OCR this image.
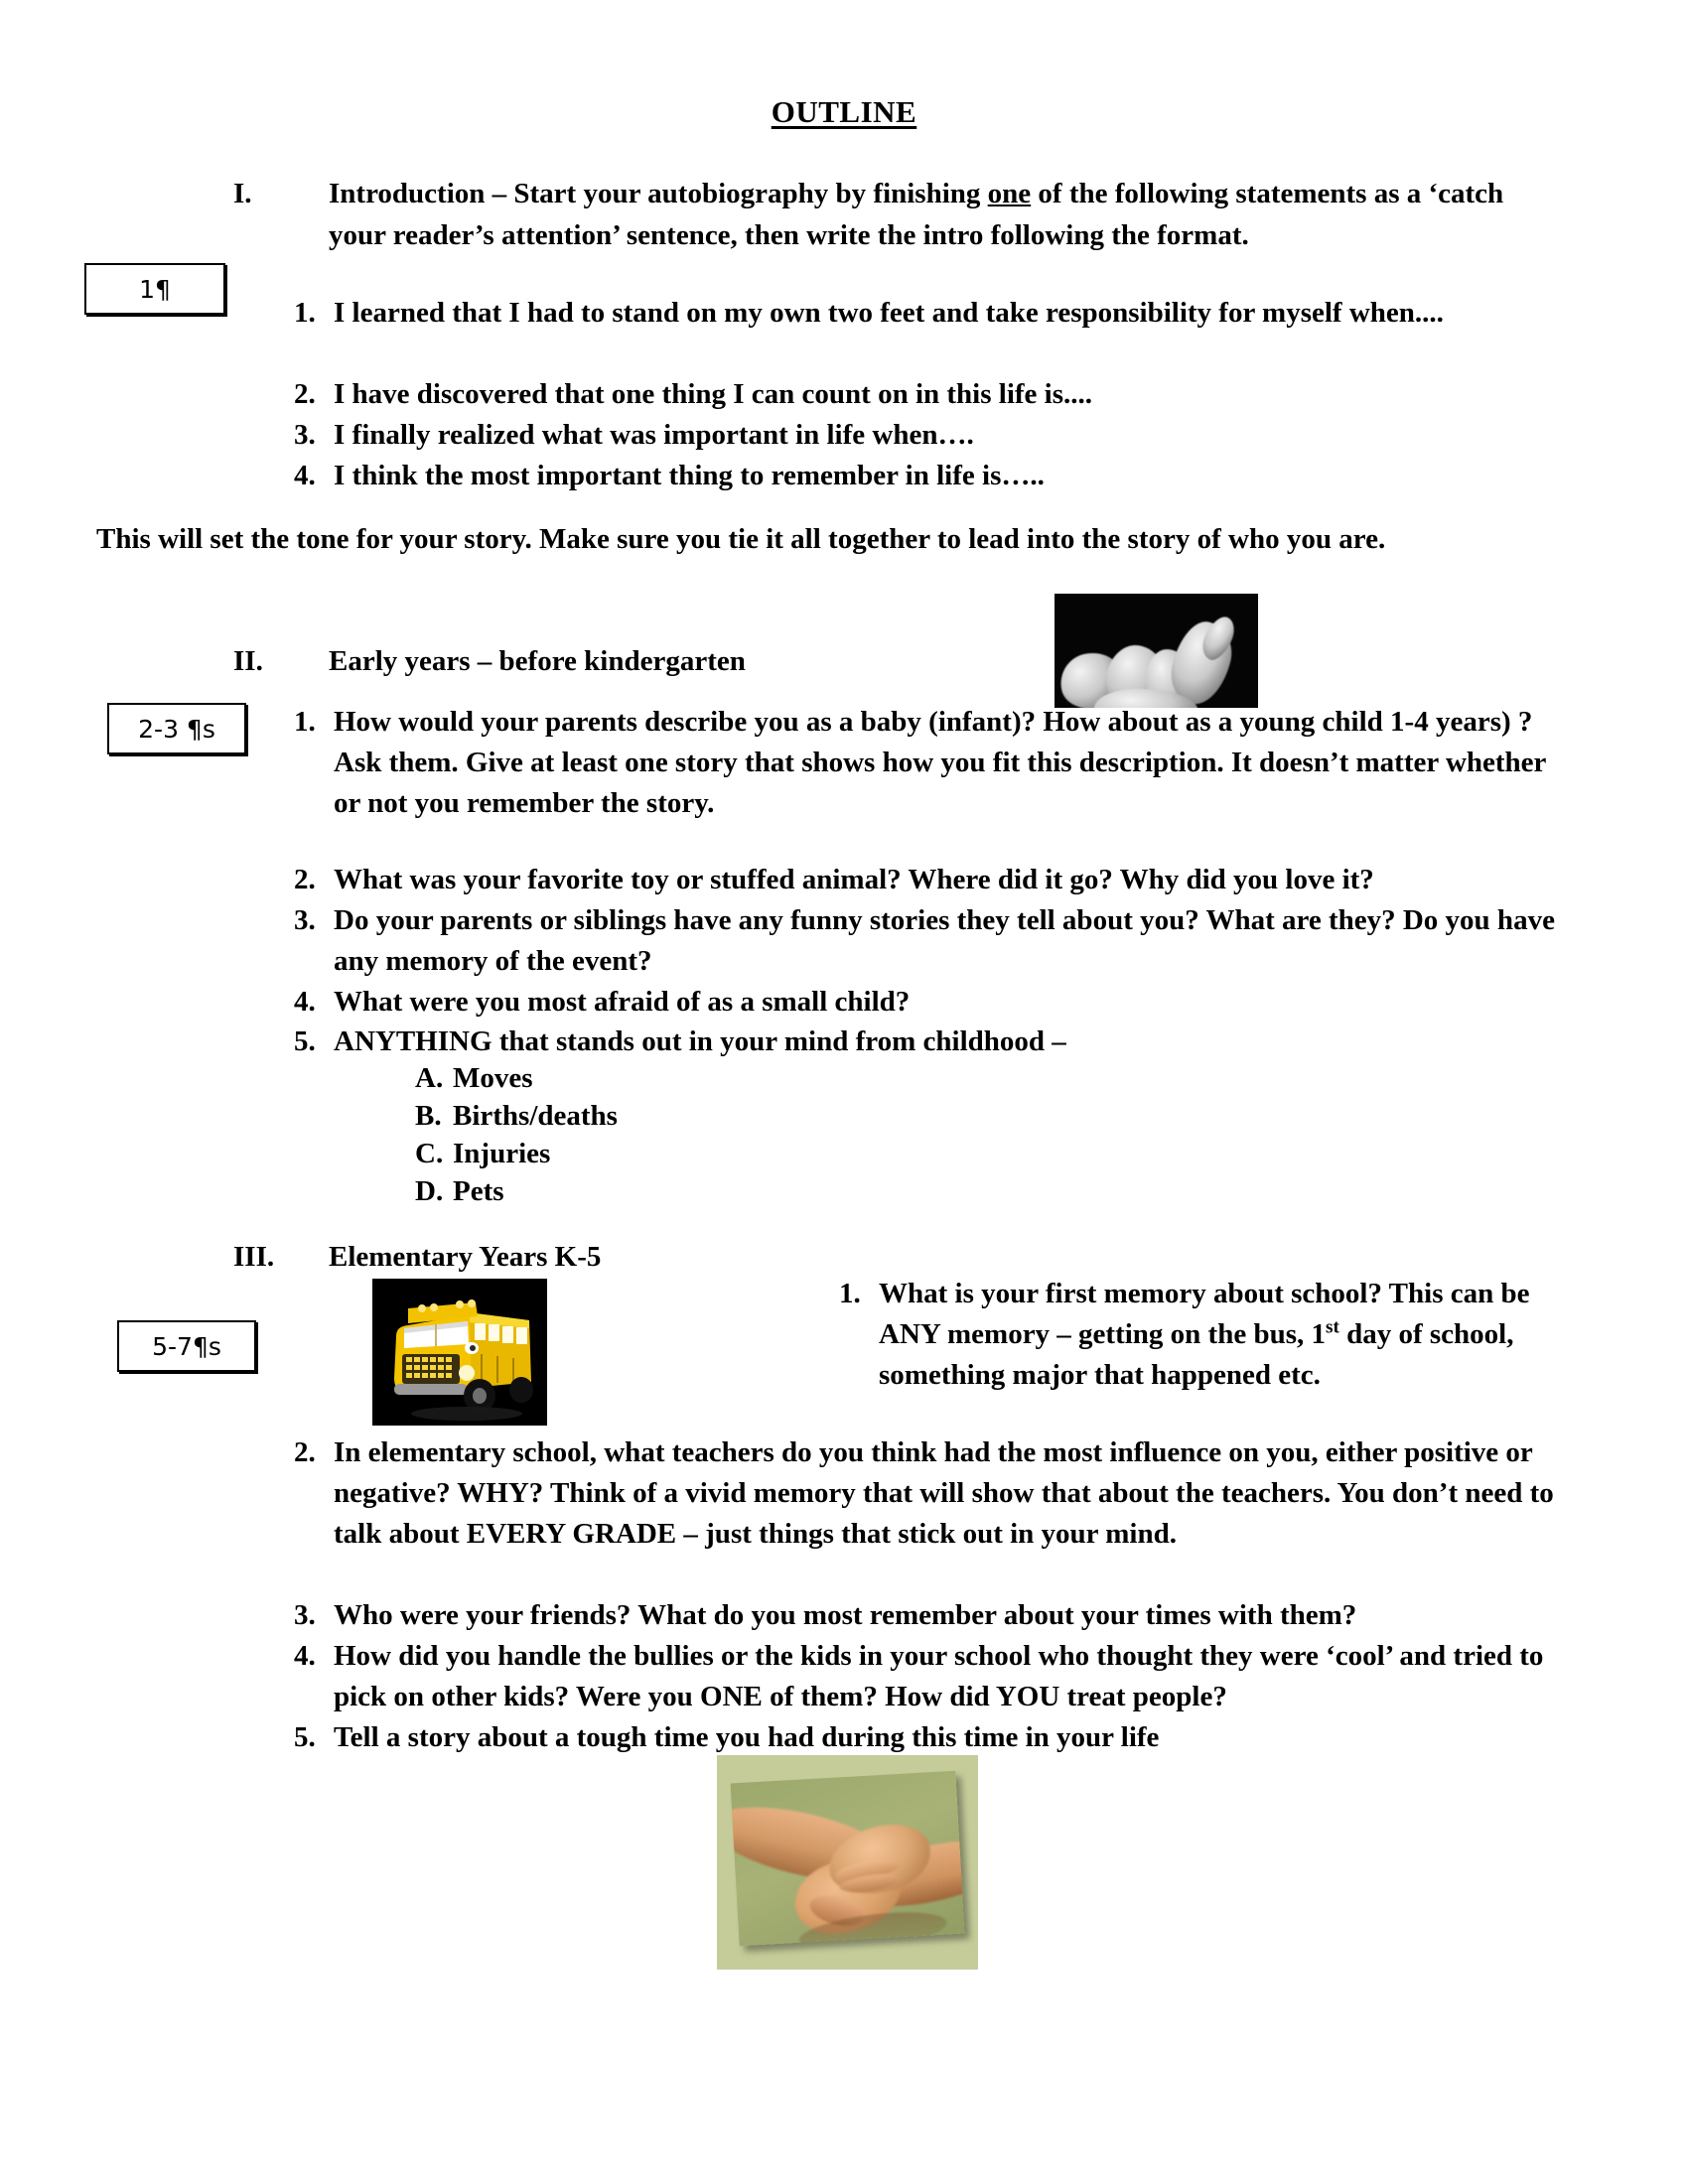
OUTLINE
I.	Introduction – Start your autobiography by finishing one of the following statements as a ‘catch your reader’s attention’ sentence, then write the intro following the format.
1¶
1. I learned that I had to stand on my own two feet and take responsibility for myself when....
2. I have discovered that one thing I can count on in this life is....
3. I finally realized what was important in life when….
4. I think the most important thing to remember in life is…..
This will set the tone for your story. Make sure you tie it all together to lead into the story of who you are.
II.	Early years – before kindergarten
2-3 ¶s	1. How would your parents describe you as a baby (infant)? How about as a young child 1-4 years) ? Ask them. Give at least one story that shows how you fit this description. It doesn’t matter whether or not you remember the story.
2. What was your favorite toy or stuffed animal? Where did it go? Why did you love it?
3. Do your parents or siblings have any funny stories they tell about you? What are they? Do you have any memory of the event?
4. What were you most afraid of as a small child?
5. ANYTHING that stands out in your mind from childhood –
A. Moves
B. Births/deaths
C. Injuries
D. Pets
III.	Elementary Years K-5
5-7¶s
1. What is your first memory about school? This can be ANY memory – getting on the bus, 1st day of school, something major that happened etc.
2. In elementary school, what teachers do you think had the most influence on you, either positive or negative? WHY? Think of a vivid memory that will show that about the teachers. You don’t need to talk about EVERY GRADE – just things that stick out in your mind.
3. Who were your friends? What do you most remember about your times with them?
4. How did you handle the bullies or the kids in your school who thought they were ‘cool’ and tried to pick on other kids? Were you ONE of them? How did YOU treat people?
5. Tell a story about a tough time you had during this time in your life
